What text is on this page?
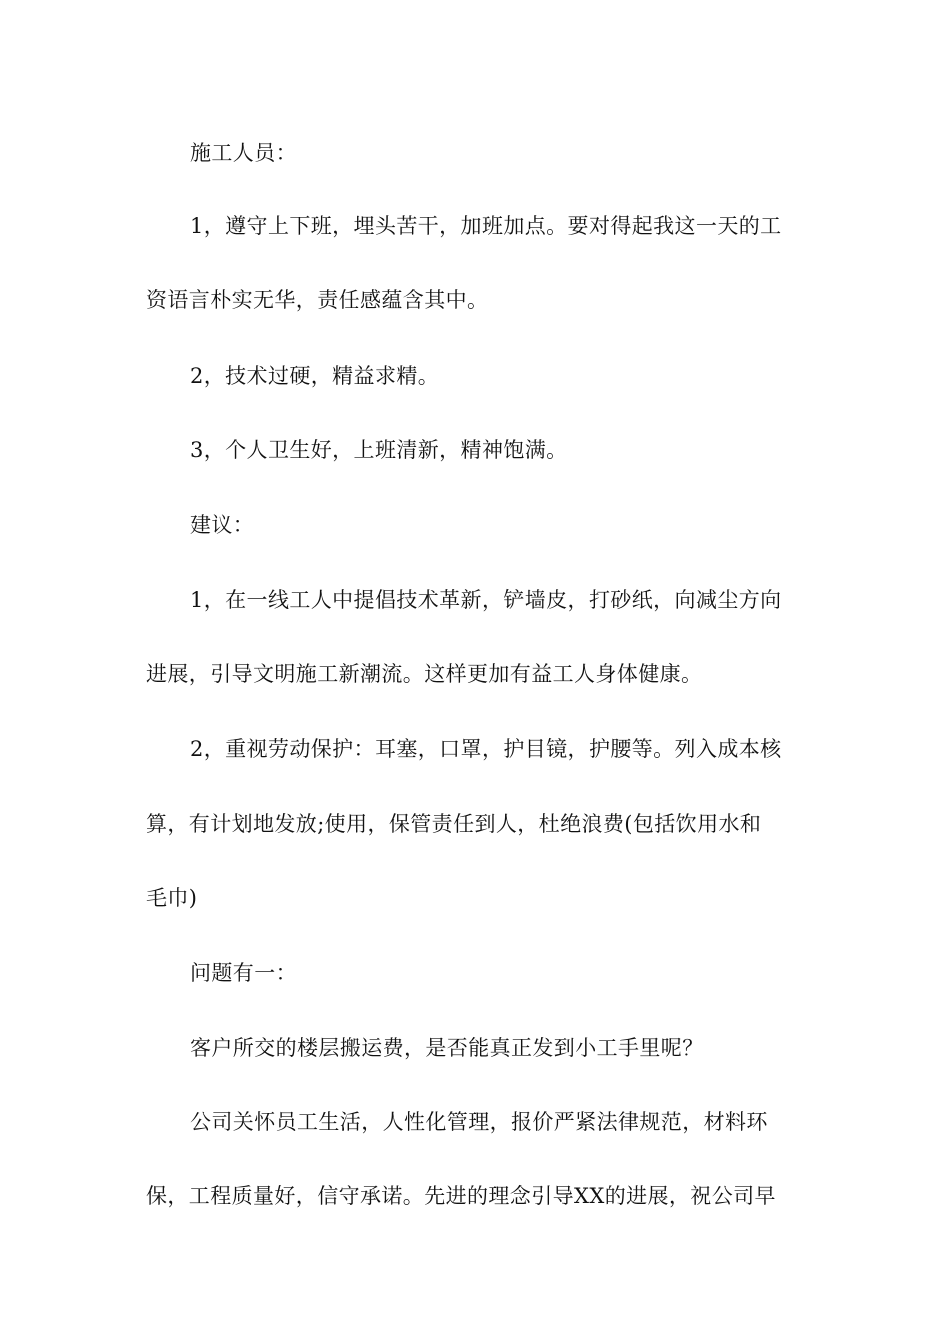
施工人员：
1，遵守上下班，埋头苦干，加班加点。要对得起我这一天的工
资语言朴实无华，责任感蕴含其中。
2，技术过硬，精益求精。
3，个人卫生好，上班清新，精神饱满。
建议：
1，在一线工人中提倡技术革新，铲墙皮，打砂纸，向减尘方向
进展，引导文明施工新潮流。这样更加有益工人身体健康。
2，重视劳动保护：耳塞，口罩，护目镜，护腰等。列入成本核
算，有计划地发放;使用，保管责任到人，杜绝浪费(包括饮用水和
毛巾)
问题有一：
客户所交的楼层搬运费，是否能真正发到小工手里呢？
公司关怀员工生活，人性化管理，报价严紧法律规范，材料环
保，工程质量好，信守承诺。先进的理念引导XX的进展，祝公司早
